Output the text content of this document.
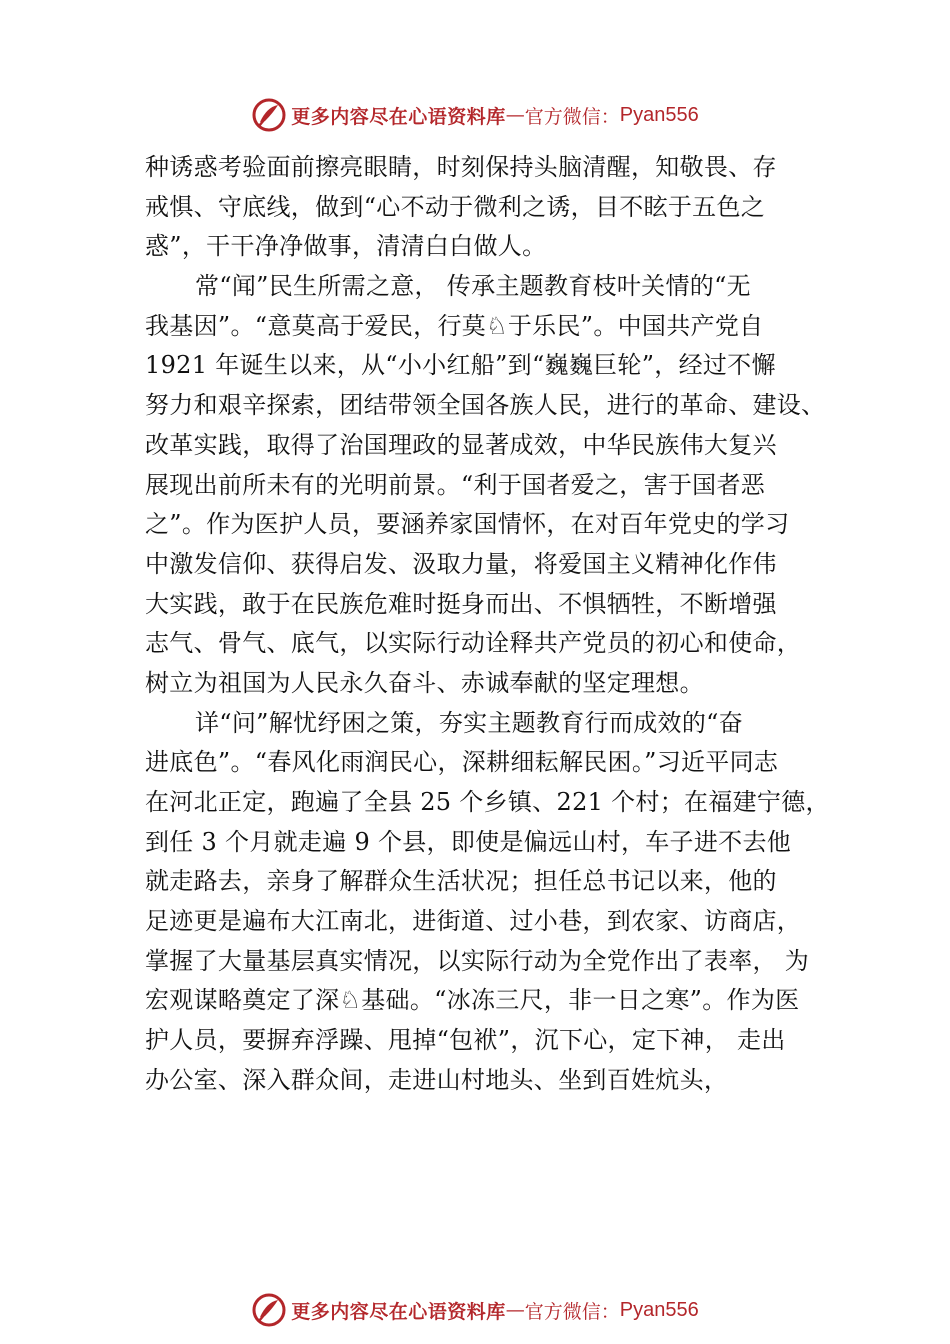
更多内容尽在心语资料库 — 官方微信： Pyan556
种诱惑考验面前擦亮眼睛，时刻保持头脑清醒，知敬畏、存
戒惧、守底线，做到“心不动于微利之诱，目不眩于五色之
惑”，干干净净做事，清清白白做人。
常“闻”民生所需之意， 传承主题教育枝叶关情的“无
我基因”。“意莫高于爱民，行莫♘于乐民”。中国共产党自
1921 年诞生以来，从“小小红船”到“巍巍巨轮”，经过不懈
努力和艰辛探索，团结带领全国各族人民，进行的革命、建设、
改革实践，取得了治国理政的显著成效，中华民族伟大复兴
展现出前所未有的光明前景。“利于国者爱之，害于国者恶
之”。作为医护人员，要涵养家国情怀，在对百年党史的学习
中激发信仰、获得启发、汲取力量，将爱国主义精神化作伟
大实践，敢于在民族危难时挺身而出、不惧牺牲，不断增强
志气、骨气、底气，以实际行动诠释共产党员的初心和使命，
树立为祖国为人民永久奋斗、赤诚奉献的坚定理想。
详“问”解忧纾困之策，夯实主题教育行而成效的“奋
进底色”。“春风化雨润民心，深耕细耘解民困。”习近平同志
在河北正定，跑遍了全县 25 个乡镇、221 个村；在福建宁德，
到任 3 个月就走遍 9 个县，即使是偏远山村，车子进不去他
就走路去，亲身了解群众生活状况；担任总书记以来，他的
足迹更是遍布大江南北，进街道、过小巷，到农家、访商店，
掌握了大量基层真实情况，以实际行动为全党作出了表率， 为
宏观谋略奠定了深♘基础。“冰冻三尺，非一日之寒”。作为医
护人员，要摒弃浮躁、甩掉“包袱”，沉下心，定下神， 走出
办公室、深入群众间，走进山村地头、坐到百姓炕头，
更多内容尽在心语资料库 — 官方微信： Pyan556
